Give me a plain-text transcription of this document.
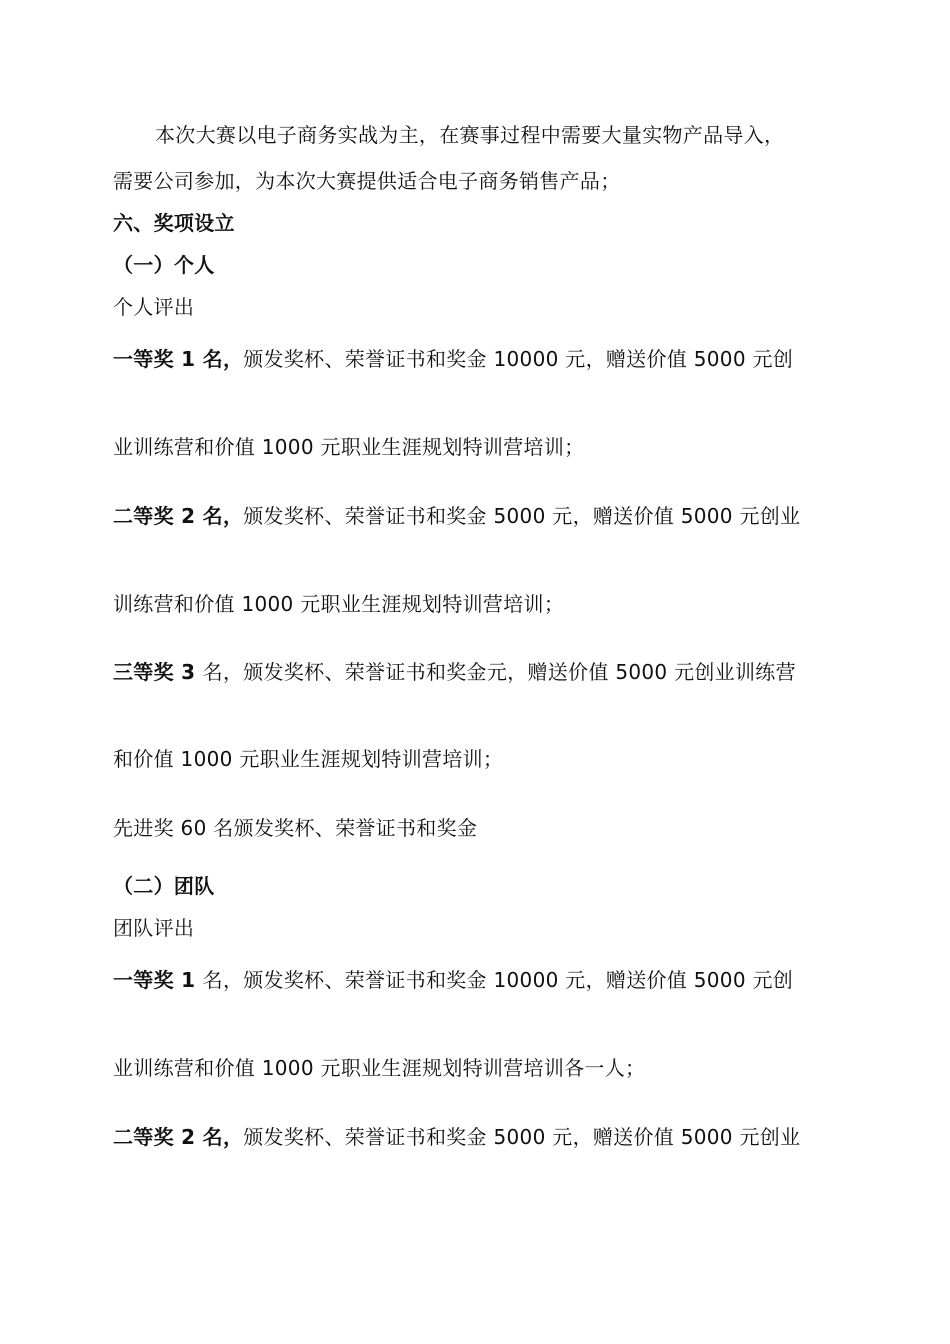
本次大赛以电子商务实战为主，在赛事过程中需要大量实物产品导入，
需要公司参加，为本次大赛提供适合电子商务销售产品；
六、奖项设立
（一）个人
个人评出
一等奖 1 名，颁发奖杯、荣誉证书和奖金 10000 元，赠送价值 5000 元创
业训练营和价值 1000 元职业生涯规划特训营培训；
二等奖 2 名，颁发奖杯、荣誉证书和奖金 5000 元，赠送价值 5000 元创业
训练营和价值 1000 元职业生涯规划特训营培训；
三等奖 3 名，颁发奖杯、荣誉证书和奖金元，赠送价值 5000 元创业训练营
和价值 1000 元职业生涯规划特训营培训；
先进奖 60 名颁发奖杯、荣誉证书和奖金
（二）团队
团队评出
一等奖 1 名，颁发奖杯、荣誉证书和奖金 10000 元，赠送价值 5000 元创
业训练营和价值 1000 元职业生涯规划特训营培训各一人；
二等奖 2 名，颁发奖杯、荣誉证书和奖金 5000 元，赠送价值 5000 元创业
